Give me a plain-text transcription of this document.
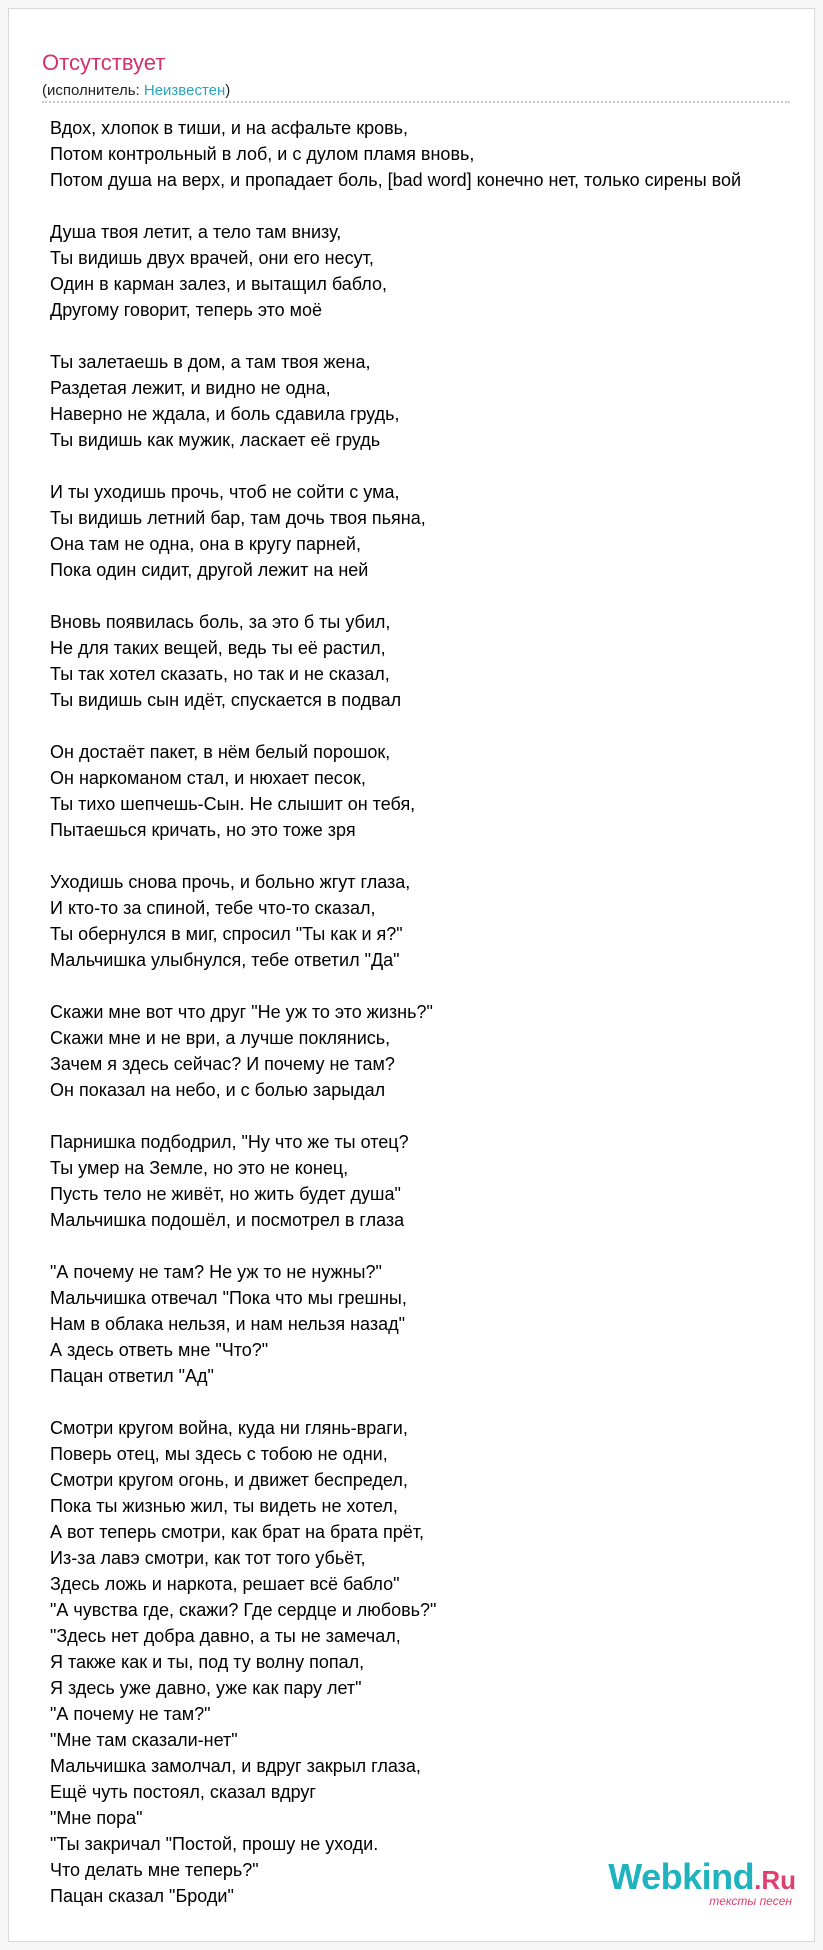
Отсутствует
(исполнитель: Неизвестен)
Вдох, хлопок в тиши, и на асфальте кровь,
Потом контрольный в лоб, и с дулом пламя вновь,
Потом душа на верх, и пропадает боль, [bad word] конечно нет, только сирены вой
Душа твоя летит, а тело там внизу,
Ты видишь двух врачей, они его несут,
Один в карман залез, и вытащил бабло,
Другому говорит, теперь это моё
Ты залетаешь в дом, а там твоя жена,
Раздетая лежит, и видно не одна,
Наверно не ждала, и боль сдавила грудь,
Ты видишь как мужик, ласкает её грудь
И ты уходишь прочь, чтоб не сойти с ума,
Ты видишь летний бар, там дочь твоя пьяна,
Она там не одна, она в кругу парней,
Пока один сидит, другой лежит на ней
Вновь появилась боль, за это б ты убил,
Не для таких вещей, ведь ты её растил,
Ты так хотел сказать, но так и не сказал,
Ты видишь сын идёт, спускается в подвал
Он достаёт пакет, в нём белый порошок,
Он наркоманом стал, и нюхает песок,
Ты тихо шепчешь-Сын. Не слышит он тебя,
Пытаешься кричать, но это тоже зря
Уходишь снова прочь, и больно жгут глаза,
И кто-то за спиной, тебе что-то сказал,
Ты обернулся в миг, спросил "Ты как и я?"
Мальчишка улыбнулся, тебе ответил "Да"
Скажи мне вот что друг "Не уж то это жизнь?"
Скажи мне и не ври, а лучше поклянись,
Зачем я здесь сейчас? И почему не там?
Он показал на небо, и с болью зарыдал
Парнишка подбодрил, "Ну что же ты отец?
Ты умер на Земле, но это не конец,
Пусть тело не живёт, но жить будет душа"
Мальчишка подошёл, и посмотрел в глаза
"А почему не там? Не уж то не нужны?"
Мальчишка отвечал "Пока что мы грешны,
Нам в облака нельзя, и нам нельзя назад"
А здесь ответь мне "Что?"
Пацан ответил "Ад"
Смотри кругом война, куда ни глянь-враги,
Поверь отец, мы здесь с тобою не одни,
Смотри кругом огонь, и движет беспредел,
Пока ты жизнью жил, ты видеть не хотел,
А вот теперь смотри, как брат на брата прёт,
Из-за лавэ смотри, как тот того убьёт,
Здесь ложь и наркота, решает всё бабло"
"А чувства где, скажи? Где сердце и любовь?"
"Здесь нет добра давно, а ты не замечал,
Я также как и ты, под ту волну попал,
Я здесь уже давно, уже как пару лет"
"А почему не там?"
"Мне там сказали-нет"
Мальчишка замолчал, и вдруг закрыл глаза,
Ещё чуть постоял, сказал вдруг
"Мне пора"
"Ты закричал "Постой, прошу не уходи.
Что делать мне теперь?"
Пацан сказал "Броди"	Webkind.Ru
тексты песен
